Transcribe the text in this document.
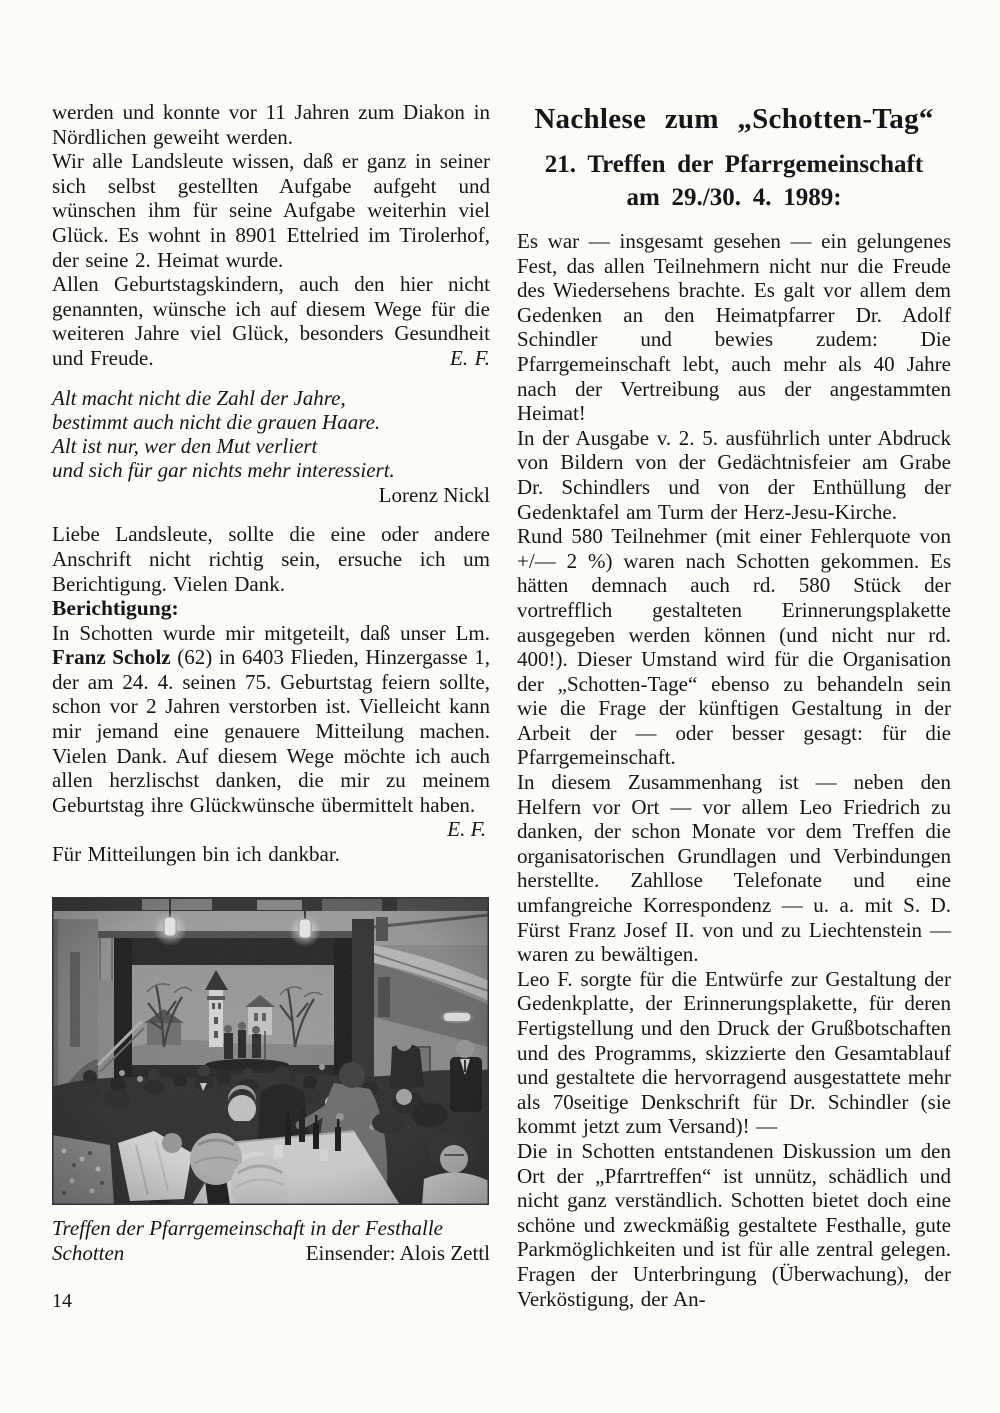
werden und konnte vor 11 Jahren zum Diakon in Nördlichen geweiht werden.

Wir alle Landsleute wissen, daß er ganz in seiner sich selbst gestellten Aufgabe aufgeht und wünschen ihm für seine Aufgabe weiterhin viel Glück. Es wohnt in 8901 Ettelried im Tirolerhof, der seine 2. Heimat wurde.

Allen Geburtstagskindern, auch den hier nicht genannten, wünsche ich auf diesem Wege für die weiteren Jahre viel Glück, besonders Gesundheit und Freude.	E. F.

Alt macht nicht die Zahl der Jahre,
bestimmt auch nicht die grauen Haare.
Alt ist nur, wer den Mut verliert
und sich für gar nichts mehr interessiert.
Lorenz Nickl

Liebe Landsleute, sollte die eine oder andere Anschrift nicht richtig sein, ersuche ich um Berichtigung. Vielen Dank.

Berichtigung:

In Schotten wurde mir mitgeteilt, daß unser Lm. Franz Scholz (62) in 6403 Flieden, Hinzergasse 1, der am 24. 4. seinen 75. Geburtstag feiern sollte, schon vor 2 Jahren verstorben ist. Vielleicht kann mir jemand eine genauere Mitteilung machen. Vielen Dank. Auf diesem Wege möchte ich auch allen herzlischst danken, die mir zu meinem Geburtstag ihre Glückwünsche übermittelt haben.

E. F.

Für Mitteilungen bin ich dankbar.

Treffen der Pfarrgemeinschaft in der Festhalle
Schotten	Einsender: Alois Zettl
14
Nachlese zum „Schotten-Tag“
21. Treffen der Pfarrgemeinschaft
am 29./30. 4. 1989:

Es war — insgesamt gesehen — ein gelungenes Fest, das allen Teilnehmern nicht nur die Freude des Wiedersehens brachte. Es galt vor allem dem Gedenken an den Heimatpfarrer Dr. Adolf Schindler und bewies zudem: Die Pfarrgemeinschaft lebt, auch mehr als 40 Jahre nach der Vertreibung aus der angestammten Heimat!

In der Ausgabe v. 2. 5. ausführlich unter Abdruck von Bildern von der Gedächtnisfeier am Grabe Dr. Schindlers und von der Enthüllung der Gedenktafel am Turm der Herz-Jesu-Kirche.

Rund 580 Teilnehmer (mit einer Fehlerquote von +/— 2 %) waren nach Schotten gekommen. Es hätten demnach auch rd. 580 Stück der vortrefflich gestalteten Erinnerungsplakette ausgegeben werden können (und nicht nur rd. 400!). Dieser Umstand wird für die Organisation der „Schotten-Tage“ ebenso zu behandeln sein wie die Frage der künftigen Gestaltung in der Arbeit der — oder besser gesagt: für die Pfarrgemeinschaft.

In diesem Zusammenhang ist — neben den Helfern vor Ort — vor allem Leo Friedrich zu danken, der schon Monate vor dem Treffen die organisatorischen Grundlagen und Verbindungen herstellte. Zahllose Telefonate und eine umfangreiche Korrespondenz — u. a. mit S. D. Fürst Franz Josef II. von und zu Liechtenstein — waren zu bewältigen.

Leo F. sorgte für die Entwürfe zur Gestaltung der Gedenkplatte, der Erinnerungsplakette, für deren Fertigstellung und den Druck der Grußbotschaften und des Programms, skizzierte den Gesamtablauf und gestaltete die hervorragend ausgestattete mehr als 70seitige Denkschrift für Dr. Schindler (sie kommt jetzt zum Versand)! —

Die in Schotten entstandenen Diskussion um den Ort der „Pfarrtreffen“ ist unnütz, schädlich und nicht ganz verständlich. Schotten bietet doch eine schöne und zweckmäßig gestaltete Festhalle, gute Parkmöglichkeiten und ist für alle zentral gelegen. Fragen der Unterbringung (Überwachung), der Verköstigung, der An-
